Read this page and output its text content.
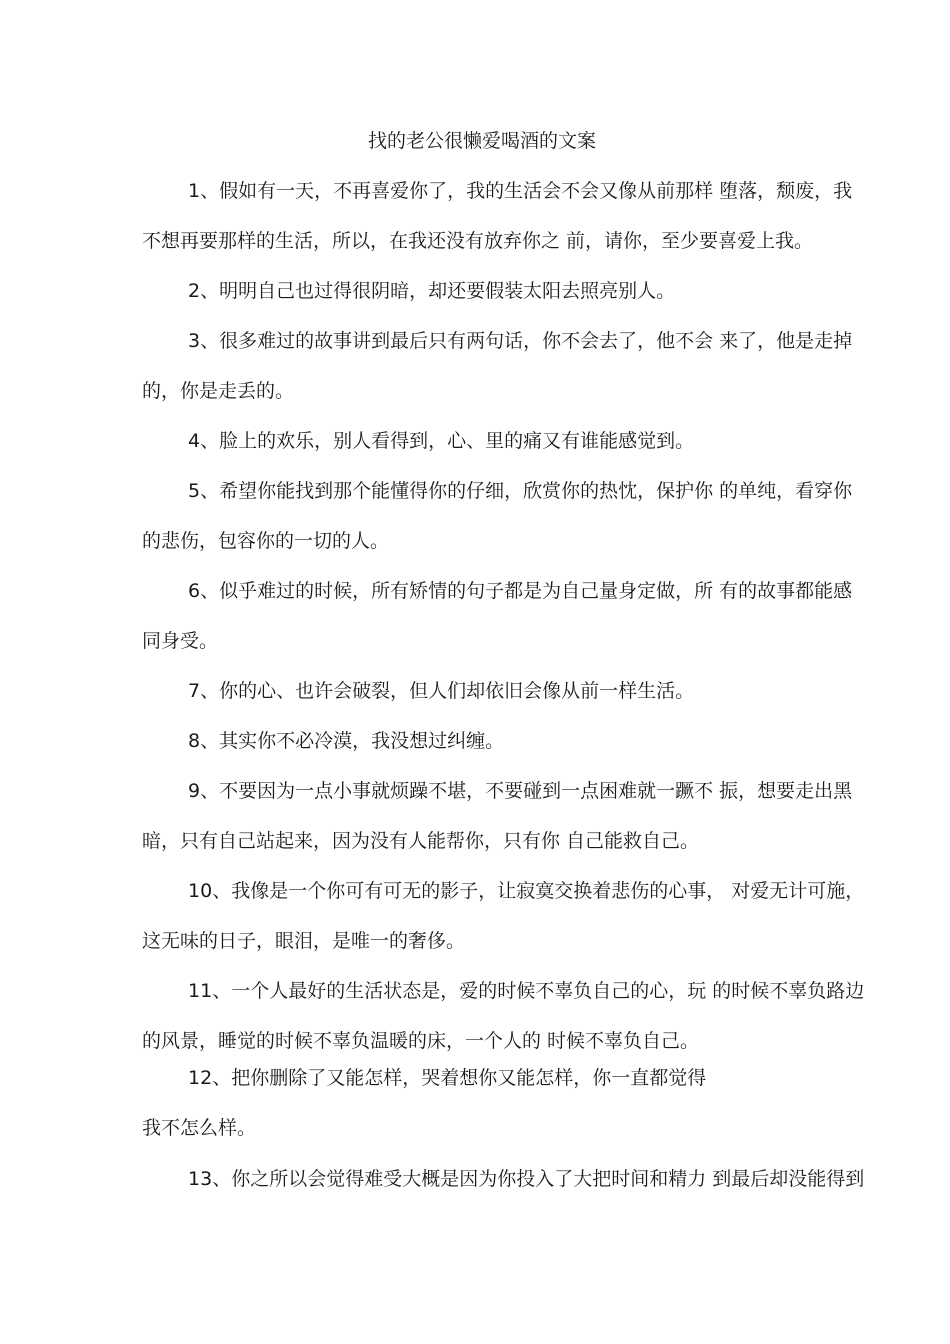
找的老公很懒爱喝酒的文案
1、假如有一天，不再喜爱你了，我的生活会不会又像从前那样 堕落，颓废，我
不想再要那样的生活，所以，在我还没有放弃你之 前，请你，至少要喜爱上我。
2、明明自己也过得很阴暗，却还要假装太阳去照亮别人。
3、很多难过的故事讲到最后只有两句话，你不会去了，他不会 来了，他是走掉
的，你是走丢的。
4、脸上的欢乐，别人看得到，心、里的痛又有谁能感觉到。
5、希望你能找到那个能懂得你的仔细，欣赏你的热忱，保护你 的单纯，看穿你
的悲伤，包容你的一切的人。
6、似乎难过的时候，所有矫情的句子都是为自己量身定做，所 有的故事都能感
同身受。
7、你的心、也许会破裂，但人们却依旧会像从前一样生活。
8、其实你不必冷漠，我没想过纠缠。
9、不要因为一点小事就烦躁不堪，不要碰到一点困难就一蹶不 振，想要走出黑
暗，只有自己站起来，因为没有人能帮你，只有你 自己能救自己。
10、我像是一个你可有可无的影子，让寂寞交换着悲伤的心事， 对爱无计可施，
这无味的日子，眼泪，是唯一的奢侈。
11、一个人最好的生活状态是，爱的时候不辜负自己的心，玩 的时候不辜负路边
的风景，睡觉的时候不辜负温暖的床，一个人的 时候不辜负自己。
12、把你删除了又能怎样，哭着想你又能怎样，你一直都觉得
我不怎么样。
13、你之所以会觉得难受大概是因为你投入了大把时间和精力 到最后却没能得到
